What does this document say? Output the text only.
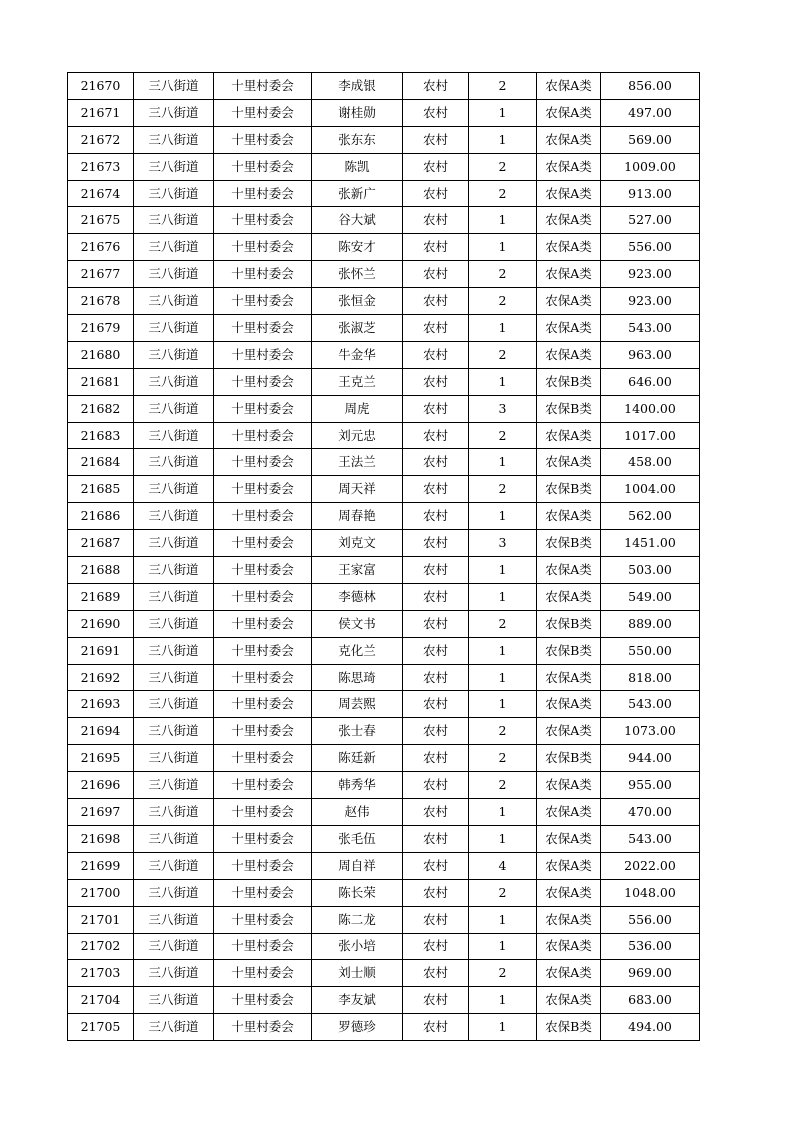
21670	三八街道	十里村委会	李成银	农村	2	农保A类	856.00
21671	三八街道	十里村委会	谢桂勋	农村	1	农保A类	497.00
21672	三八街道	十里村委会	张东东	农村	1	农保A类	569.00
21673	三八街道	十里村委会	陈凯	农村	2	农保A类	1009.00
21674	三八街道	十里村委会	张新广	农村	2	农保A类	913.00
21675	三八街道	十里村委会	谷大斌	农村	1	农保A类	527.00
21676	三八街道	十里村委会	陈安才	农村	1	农保A类	556.00
21677	三八街道	十里村委会	张怀兰	农村	2	农保A类	923.00
21678	三八街道	十里村委会	张恒金	农村	2	农保A类	923.00
21679	三八街道	十里村委会	张淑芝	农村	1	农保A类	543.00
21680	三八街道	十里村委会	牛金华	农村	2	农保A类	963.00
21681	三八街道	十里村委会	王克兰	农村	1	农保B类	646.00
21682	三八街道	十里村委会	周虎	农村	3	农保B类	1400.00
21683	三八街道	十里村委会	刘元忠	农村	2	农保A类	1017.00
21684	三八街道	十里村委会	王法兰	农村	1	农保A类	458.00
21685	三八街道	十里村委会	周天祥	农村	2	农保B类	1004.00
21686	三八街道	十里村委会	周春艳	农村	1	农保A类	562.00
21687	三八街道	十里村委会	刘克文	农村	3	农保B类	1451.00
21688	三八街道	十里村委会	王家富	农村	1	农保A类	503.00
21689	三八街道	十里村委会	李德林	农村	1	农保A类	549.00
21690	三八街道	十里村委会	侯文书	农村	2	农保B类	889.00
21691	三八街道	十里村委会	克化兰	农村	1	农保B类	550.00
21692	三八街道	十里村委会	陈思琦	农村	1	农保A类	818.00
21693	三八街道	十里村委会	周芸熙	农村	1	农保A类	543.00
21694	三八街道	十里村委会	张士春	农村	2	农保A类	1073.00
21695	三八街道	十里村委会	陈廷新	农村	2	农保B类	944.00
21696	三八街道	十里村委会	韩秀华	农村	2	农保A类	955.00
21697	三八街道	十里村委会	赵伟	农村	1	农保A类	470.00
21698	三八街道	十里村委会	张毛伍	农村	1	农保A类	543.00
21699	三八街道	十里村委会	周自祥	农村	4	农保A类	2022.00
21700	三八街道	十里村委会	陈长荣	农村	2	农保A类	1048.00
21701	三八街道	十里村委会	陈二龙	农村	1	农保A类	556.00
21702	三八街道	十里村委会	张小培	农村	1	农保A类	536.00
21703	三八街道	十里村委会	刘士顺	农村	2	农保A类	969.00
21704	三八街道	十里村委会	李友斌	农村	1	农保A类	683.00
21705	三八街道	十里村委会	罗德珍	农村	1	农保B类	494.00
